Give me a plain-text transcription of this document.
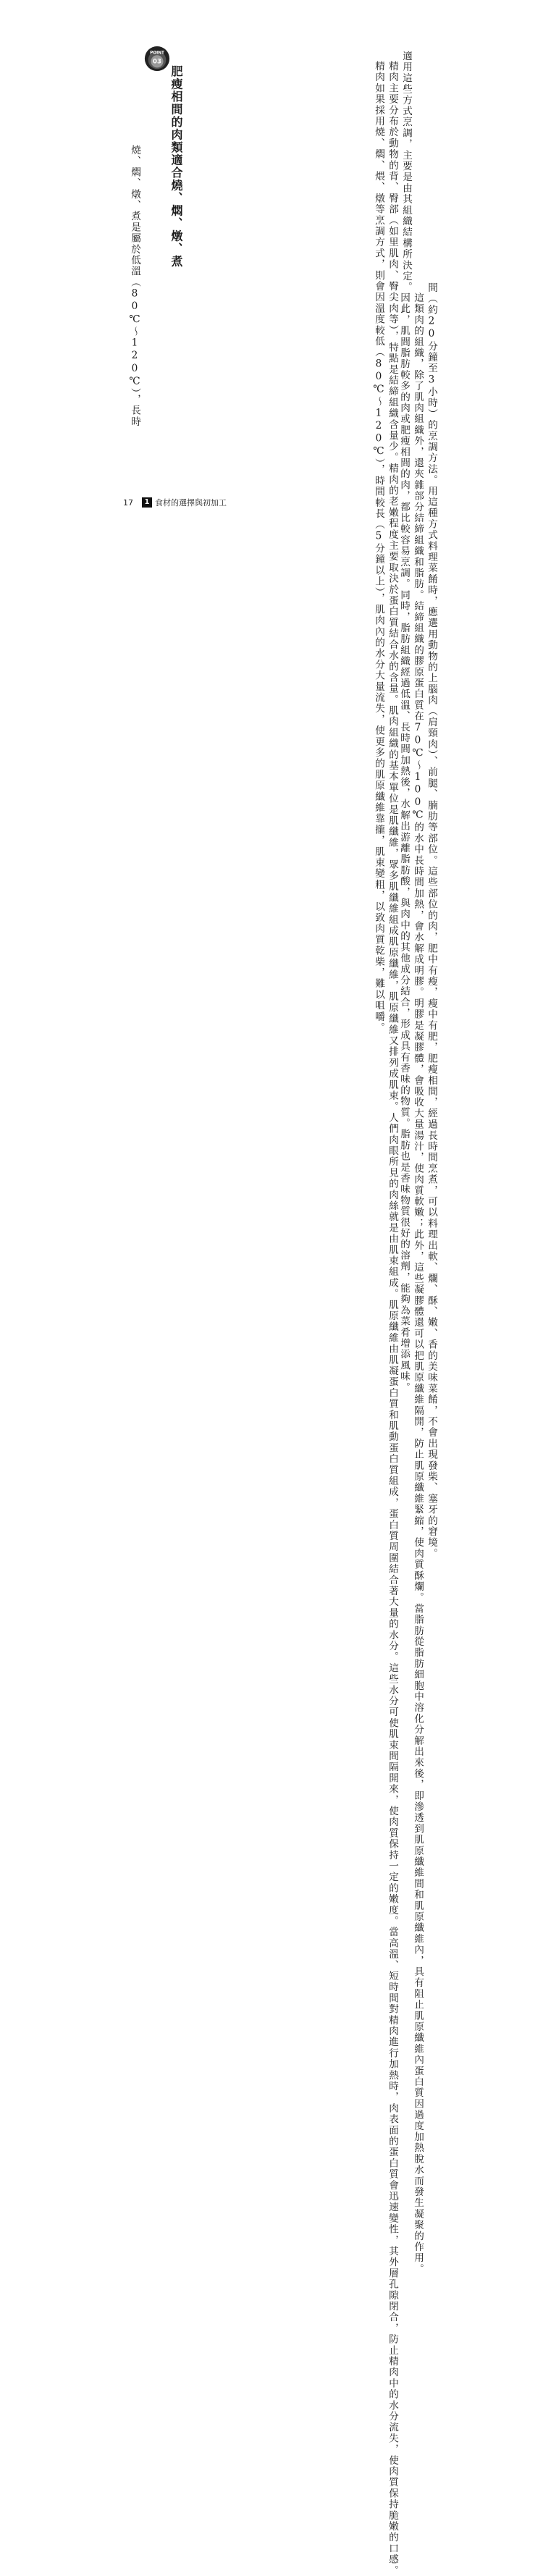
適用這些方式烹調，主要是由其組織結構所決定。

精肉主要分布於動物的背、臀部（如里肌肉、臀尖肉等），特點是結締組織含量少。精肉的老嫩程度主要取決於蛋白質結合水的含量。肌肉組織的基本單位是肌纖維，眾多肌纖維組成肌原纖維，肌原纖維又排列成肌束。人們肉眼所見的肉絲就是由肌束組成。肌原纖維由肌凝蛋白質和肌動蛋白質組成，蛋白質周圍結合著大量的水分。這些水分可使肌束間隔開來，使肉質保持一定的嫩度。當高溫、短時間對精肉進行加熱時，肉表面的蛋白質會迅速變性，其外層孔隙閉合，防止精肉中的水分流失，使肉質保持脆嫩的口感。

精肉如果採用燒、燜、煨、燉等烹調方式，則會因溫度較低（80℃～120℃），時間較長（5分鐘以上），肌肉內的水分大量流失，使更多的肌原纖維靠攏，肌束變粗，以致肉質乾柴，難以咀嚼。

POINT
03
肥瘦相間的肉類適合燒、燜、燉、煮

燒、燜、燉、煮是屬於低溫（80℃～120℃），長時	間（約20分鐘至3小時）的烹調方法。用這種方式料理菜餚時，應選用動物的上腦肉（肩頸肉）、前腿、腩肋等部位。這些部位的肉，肥中有瘦，瘦中有肥，肥瘦相間，經過長時間烹煮，可以料理出軟、爛、酥、嫩、香的美味菜餚，不會出現發柴、塞牙的窘境。

這類肉的組織，除了肌肉組織外，還夾雜部分結締組織和脂肪。結締組織的膠原蛋白質在70℃～100℃的水中長時間加熱，會水解成明膠。明膠是凝膠體，會吸收大量湯汁，使肉質軟嫩；此外，這些凝膠體還可以把肌原纖維隔開，防止肌原纖維緊縮，使肉質酥爛。當脂肪從脂肪細胞中溶化分解出來後，即滲透到肌原纖維間和肌原纖維內，具有阻止肌原纖維內蛋白質因過度加熱脫水而發生凝聚的作用。

因此，肌間脂肪較多的肉或肥瘦相間的肉，都比較容易烹調。同時，脂肪組織經過低溫、長時間加熱後，水解出游離脂肪酸，與肉中的其他成分結合，形成具有香味的物質。脂肪也是香味物質很好的溶劑，能夠為菜肴增添風味。

17	1 食材的選擇與初加工
